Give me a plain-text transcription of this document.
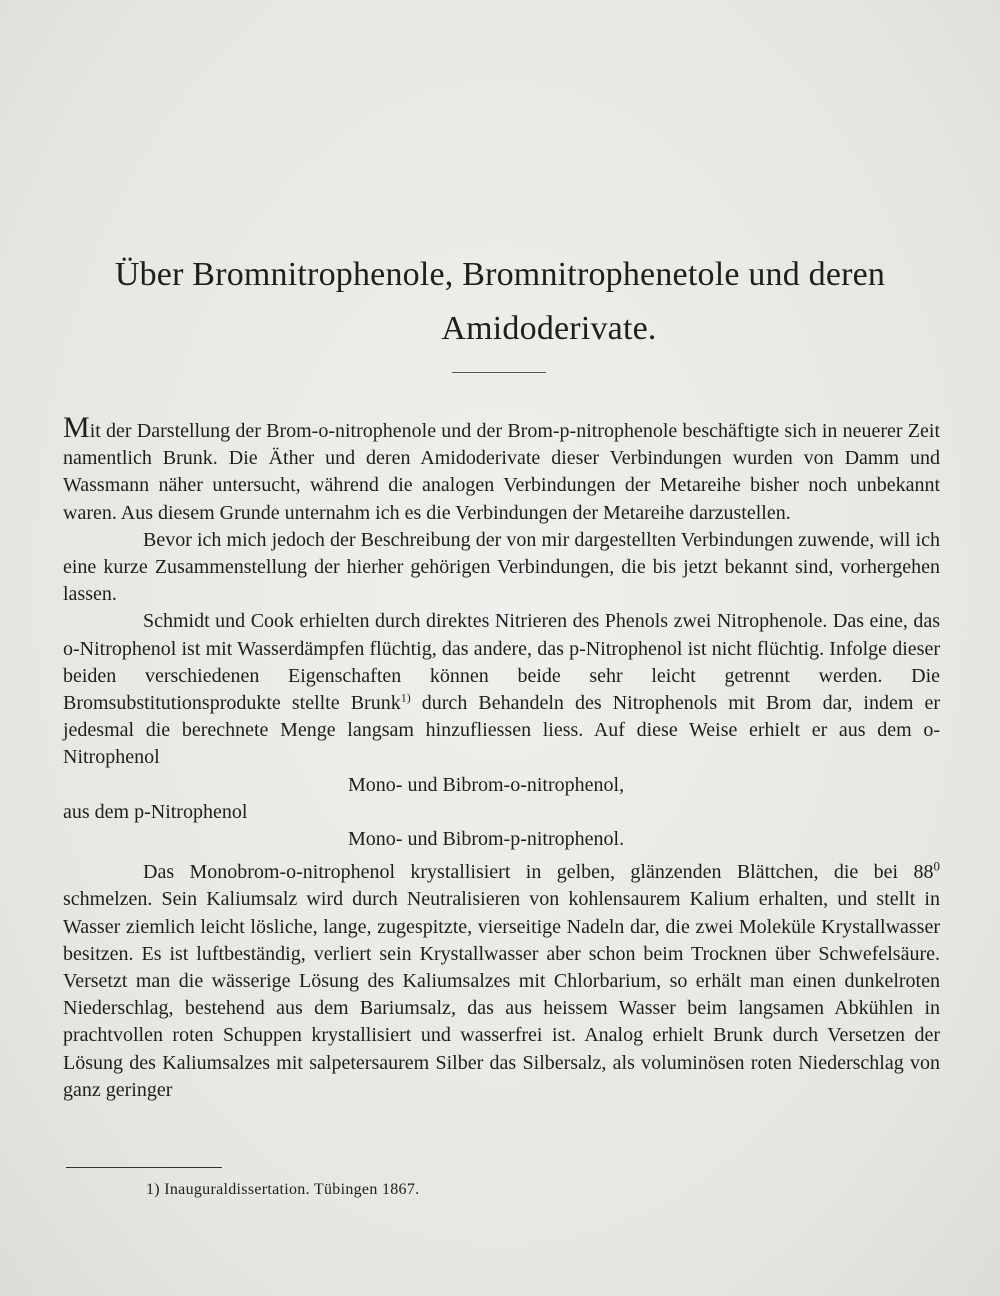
Über Bromnitrophenole, Bromnitrophenetole und deren
Amidoderivate.

Mit der Darstellung der Brom-o-nitrophenole und der Brom-p-nitrophenole beschäftigte sich in neuerer Zeit namentlich Brunk. Die Äther und deren Amidoderivate dieser Verbindungen wurden von Damm und Wassmann näher untersucht, während die analogen Verbindungen der Metareihe bisher noch unbekannt waren. Aus diesem Grunde unternahm ich es die Verbindungen der Metareihe darzustellen.

Bevor ich mich jedoch der Beschreibung der von mir dargestellten Verbindungen zuwende, will ich eine kurze Zusammenstellung der hierher gehörigen Verbindungen, die bis jetzt bekannt sind, vorhergehen lassen.

Schmidt und Cook erhielten durch direktes Nitrieren des Phenols zwei Nitrophenole. Das eine, das o-Nitrophenol ist mit Wasserdämpfen flüchtig, das andere, das p-Nitrophenol ist nicht flüchtig. Infolge dieser beiden verschiedenen Eigenschaften können beide sehr leicht getrennt werden. Die Bromsubstitutionsprodukte stellte Brunk$^{1)}$ durch Behandeln des Nitrophenols mit Brom dar, indem er jedesmal die berechnete Menge langsam hinzufliessen liess. Auf diese Weise erhielt er aus dem o-Nitrophenol

Mono- und Bibrom-o-nitrophenol,

aus dem p-Nitrophenol

Mono- und Bibrom-p-nitrophenol.

Das Monobrom-o-nitrophenol krystallisiert in gelben, glänzenden Blättchen, die bei $88^0$ schmelzen. Sein Kaliumsalz wird durch Neutralisieren von kohlensaurem Kalium erhalten, und stellt in Wasser ziemlich leicht lösliche, lange, zugespitzte, vierseitige Nadeln dar, die zwei Moleküle Krystallwasser besitzen. Es ist luftbeständig, verliert sein Krystallwasser aber schon beim Trocknen über Schwefelsäure. Versetzt man die wässerige Lösung des Kaliumsalzes mit Chlorbarium, so erhält man einen dunkelroten Niederschlag, bestehend aus dem Bariumsalz, das aus heissem Wasser beim langsamen Abkühlen in prachtvollen roten Schuppen krystallisiert und wasserfrei ist. Analog erhielt Brunk durch Versetzen der Lösung des Kaliumsalzes mit salpetersaurem Silber das Silbersalz, als voluminösen roten Niederschlag von ganz geringer

1) Inauguraldissertation. Tübingen 1867.
